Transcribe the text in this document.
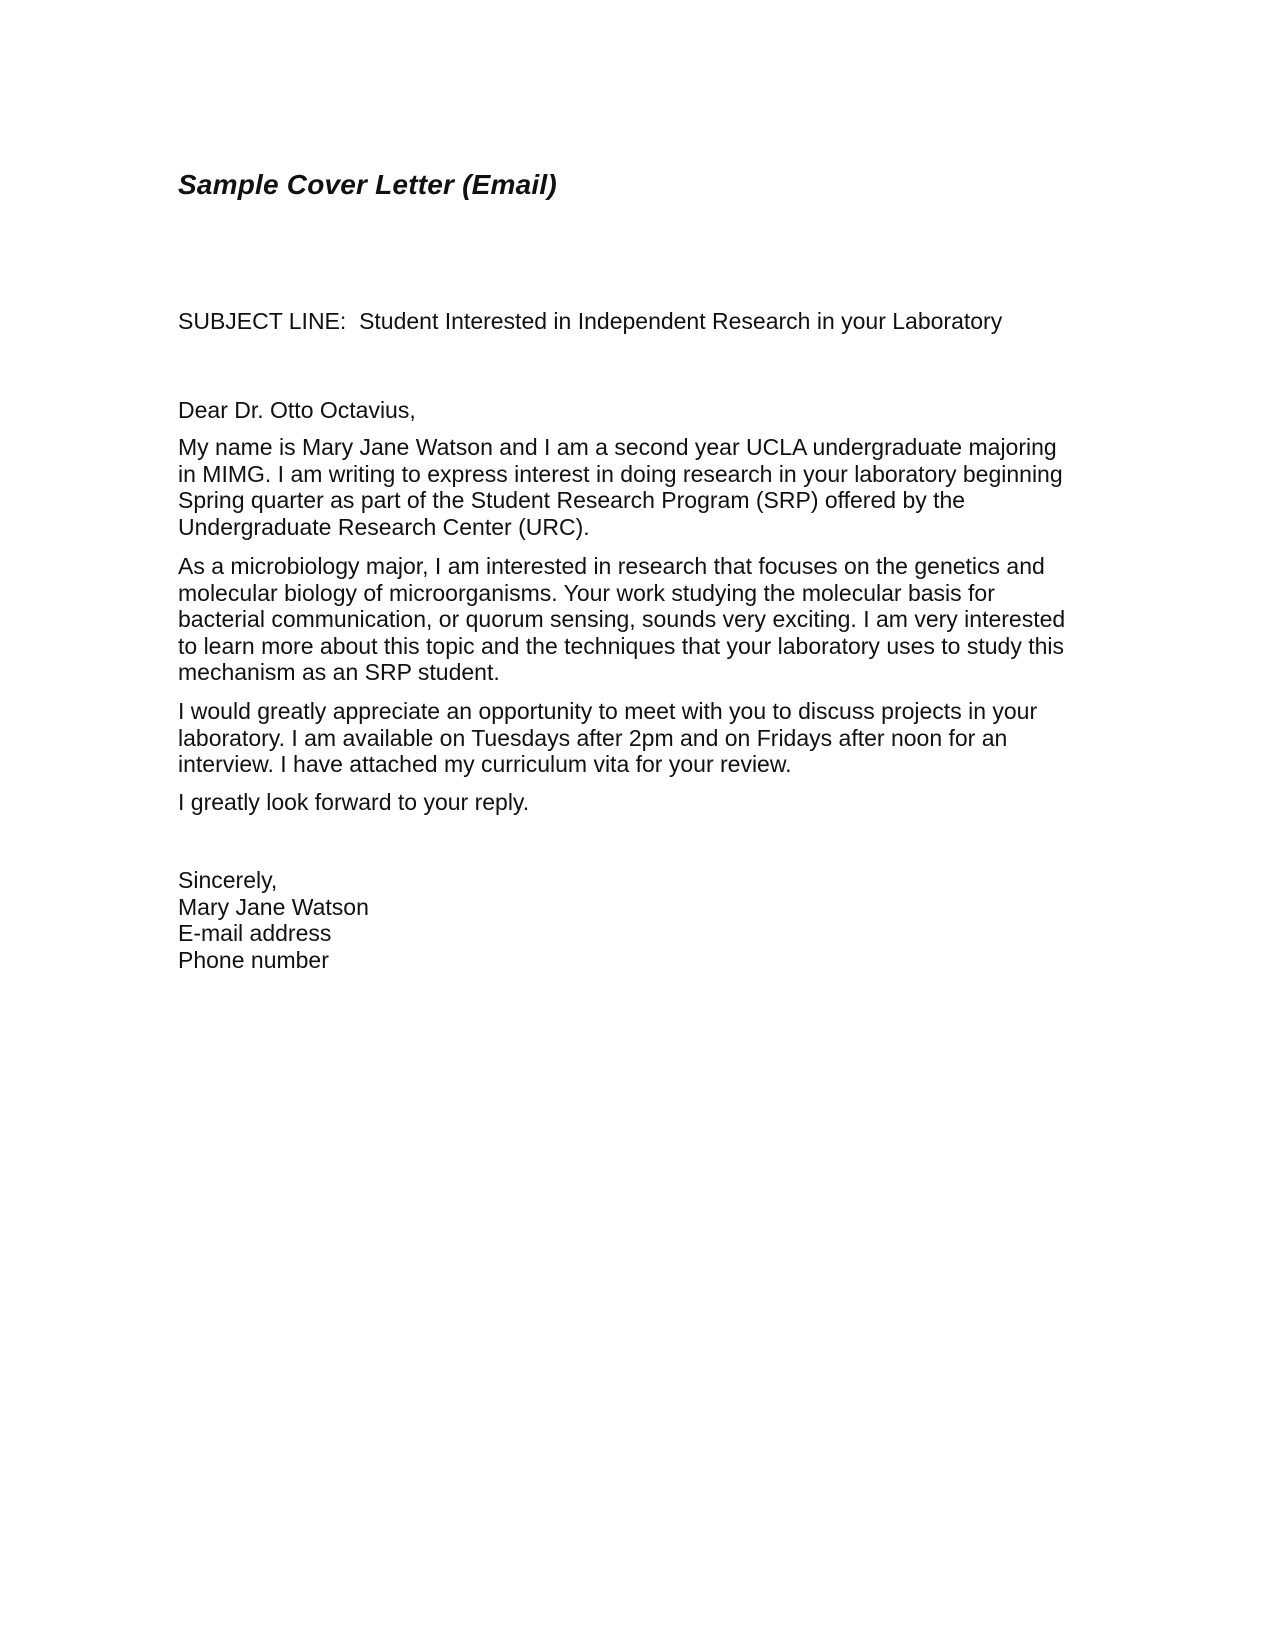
Sample Cover Letter (Email)
SUBJECT LINE:  Student Interested in Independent Research in your Laboratory
Dear Dr. Otto Octavius,
My name is Mary Jane Watson and I am a second year UCLA undergraduate majoring
in MIMG. I am writing to express interest in doing research in your laboratory beginning
Spring quarter as part of the Student Research Program (SRP) offered by the
Undergraduate Research Center (URC).
As a microbiology major, I am interested in research that focuses on the genetics and
molecular biology of microorganisms. Your work studying the molecular basis for
bacterial communication, or quorum sensing, sounds very exciting. I am very interested
to learn more about this topic and the techniques that your laboratory uses to study this
mechanism as an SRP student.
I would greatly appreciate an opportunity to meet with you to discuss projects in your
laboratory. I am available on Tuesdays after 2pm and on Fridays after noon for an
interview. I have attached my curriculum vita for your review.
I greatly look forward to your reply.
Sincerely,
Mary Jane Watson
E-mail address
Phone number
